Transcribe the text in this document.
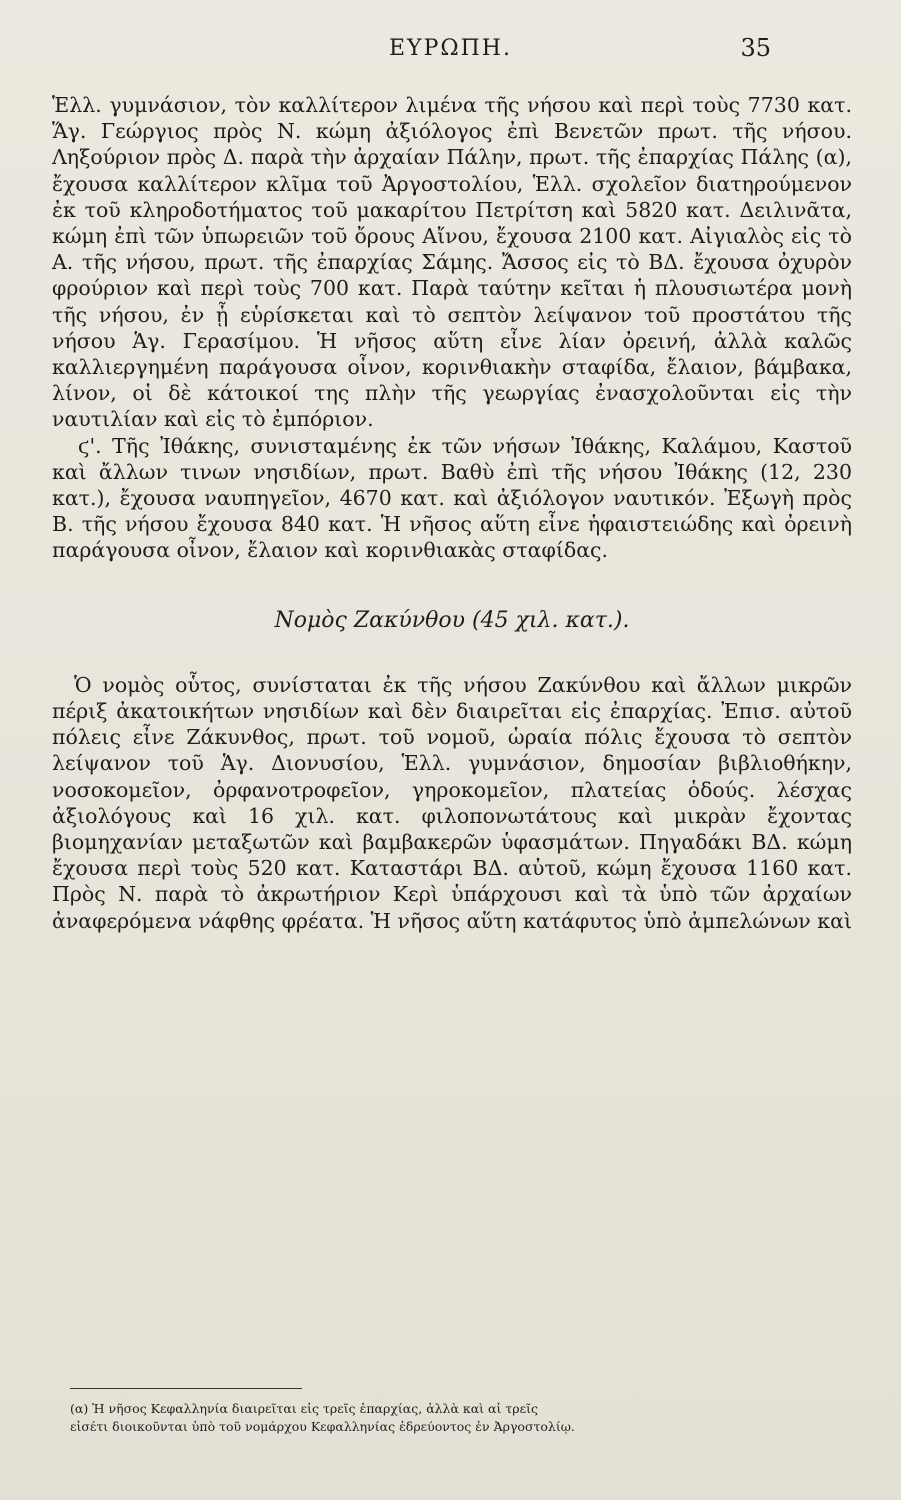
ΕΥΡΩΠΗ.	35

Ἑλλ. γυμνάσιον, τὸν καλλίτερον λιμένα τῆς νήσου καὶ περὶ τοὺς 7730 κατ. Ἅγ. Γεώργιος πρὸς Ν. κώμη ἀξιόλογος ἐπὶ Βενετῶν πρωτ. τῆς νήσου. Ληξούριον πρὸς Δ. παρὰ τὴν ἀρχαίαν Πάλην, πρωτ. τῆς ἐπαρχίας Πάλης (α), ἔχουσα καλλίτερον κλῖμα τοῦ Ἀργοστολίου, Ἑλλ. σχολεῖον διατηρούμενον ἐκ τοῦ κληροδοτήματος τοῦ μακαρίτου Πετρίτση καὶ 5820 κατ. Δειλινᾶτα, κώμη ἐπὶ τῶν ὑπωρειῶν τοῦ ὄρους Αἴνου, ἔχουσα 2100 κατ. Αἰγιαλὸς εἰς τὸ Α. τῆς νήσου, πρωτ. τῆς ἐπαρχίας Σάμης. Ἄσσος εἰς τὸ ΒΔ. ἔχουσα ὀχυρὸν φρούριον καὶ περὶ τοὺς 700 κατ. Παρὰ ταύτην κεῖται ἡ πλουσιωτέρα μονὴ τῆς νήσου, ἐν ᾗ εὑρίσκεται καὶ τὸ σεπτὸν λείψανον τοῦ προστάτου τῆς νήσου Ἁγ. Γερασίμου. Ἡ νῆσος αὕτη εἶνε λίαν ὀρεινή, ἀλλὰ καλῶς καλλιεργημένη παράγουσα οἶνον, κορινθιακὴν σταφίδα, ἔλαιον, βάμβακα, λίνον, οἱ δὲ κάτοικοί της πλὴν τῆς γεωργίας ἐνασχολοῦνται εἰς τὴν ναυτιλίαν καὶ εἰς τὸ ἐμπόριον.

ϛ'. Τῆς Ἰθάκης, συνισταμένης ἐκ τῶν νήσων Ἰθάκης, Καλάμου, Καστοῦ καὶ ἄλλων τινων νησιδίων, πρωτ. Βαθὺ ἐπὶ τῆς νήσου Ἰθάκης (12, 230 κατ.), ἔχουσα ναυπηγεῖον, 4670 κατ. καὶ ἀξιόλογον ναυτικόν. Ἐξωγὴ πρὸς Β. τῆς νήσου ἔχουσα 840 κατ. Ἡ νῆσος αὕτη εἶνε ἡφαιστειώδης καὶ ὀρεινὴ παράγουσα οἶνον, ἔλαιον καὶ κορινθιακὰς σταφίδας.

Νομὸς Ζακύνθου (45 χιλ. κατ.).

Ὁ νομὸς οὗτος, συνίσταται ἐκ τῆς νήσου Ζακύνθου καὶ ἄλλων μικρῶν πέριξ ἀκατοικήτων νησιδίων καὶ δὲν διαιρεῖται εἰς ἐπαρχίας. Ἐπισ. αὐτοῦ πόλεις εἶνε Ζάκυνθος, πρωτ. τοῦ νομοῦ, ὡραία πόλις ἔχουσα τὸ σεπτὸν λείψανον τοῦ Ἁγ. Διονυσίου, Ἑλλ. γυμνάσιον, δημοσίαν βιβλιοθήκην, νοσοκομεῖον, ὀρφανοτροφεῖον, γηροκομεῖον, πλατείας ὁδούς. λέσχας ἀξιολόγους καὶ 16 χιλ. κατ. φιλοπονωτάτους καὶ μικρὰν ἔχοντας βιομηχανίαν μεταξωτῶν καὶ βαμβακερῶν ὑφασμάτων. Πηγαδάκι ΒΔ. κώμη ἔχουσα περὶ τοὺς 520 κατ. Καταστάρι ΒΔ. αὐτοῦ, κώμη ἔχουσα 1160 κατ. Πρὸς Ν. παρὰ τὸ ἀκρωτήριον Κερὶ ὑπάρχουσι καὶ τὰ ὑπὸ τῶν ἀρχαίων ἀναφερόμενα νάφθης φρέατα. Ἡ νῆσος αὕτη κατάφυτος ὑπὸ ἀμπελώνων καὶ

(α) Ἡ νῆσος Κεφαλληνία διαιρεῖται εἰς τρεῖς ἐπαρχίας, ἀλλὰ καὶ αἱ τρεῖς

εἰσέτι διοικοῦνται ὑπὸ τοῦ νομάρχου Κεφαλληνίας ἑδρεύοντος ἐν Ἀργοστολίῳ.
